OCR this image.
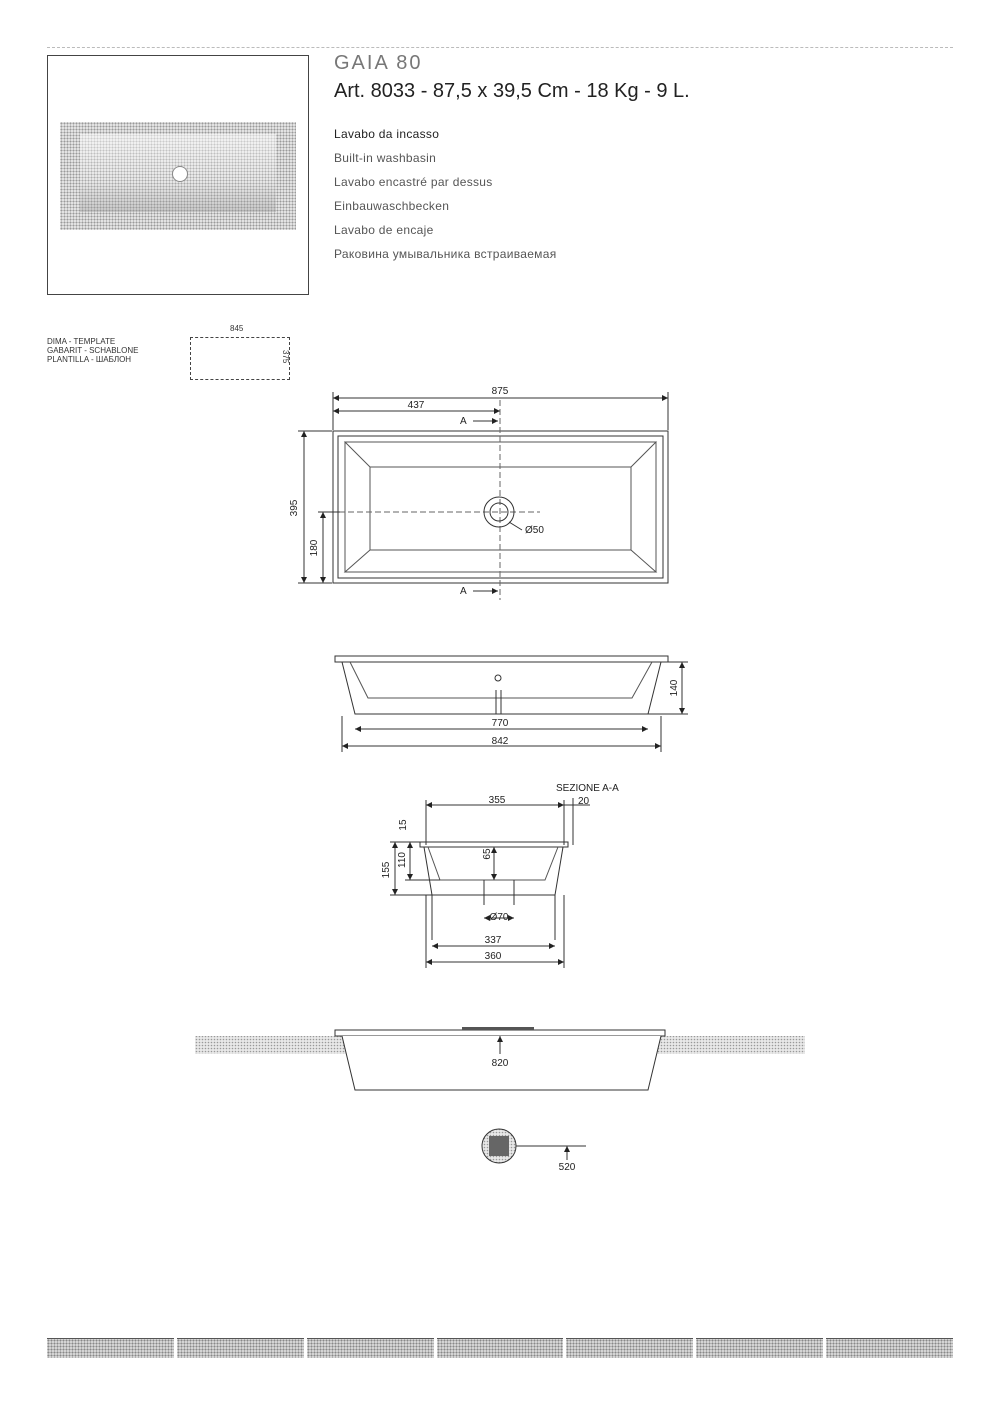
GAIA 80
Art. 8033 - 87,5 x 39,5 Cm - 18 Kg - 9 L.
Lavabo da incasso
Built-in washbasin
Lavabo encastré par dessus
Einbauwaschbecken
Lavabo de encaje
Раковина умывальника встраиваемая
DIMA - TEMPLATE
GABARIT - SCHABLONE
PLANTILLA - ШАБЛОН
845
375
875
437
395
180
Ø50
A
A
140
770
842
SEZIONE A-A
20
355
15
110
155
65
Ø70
337
360
820
520
